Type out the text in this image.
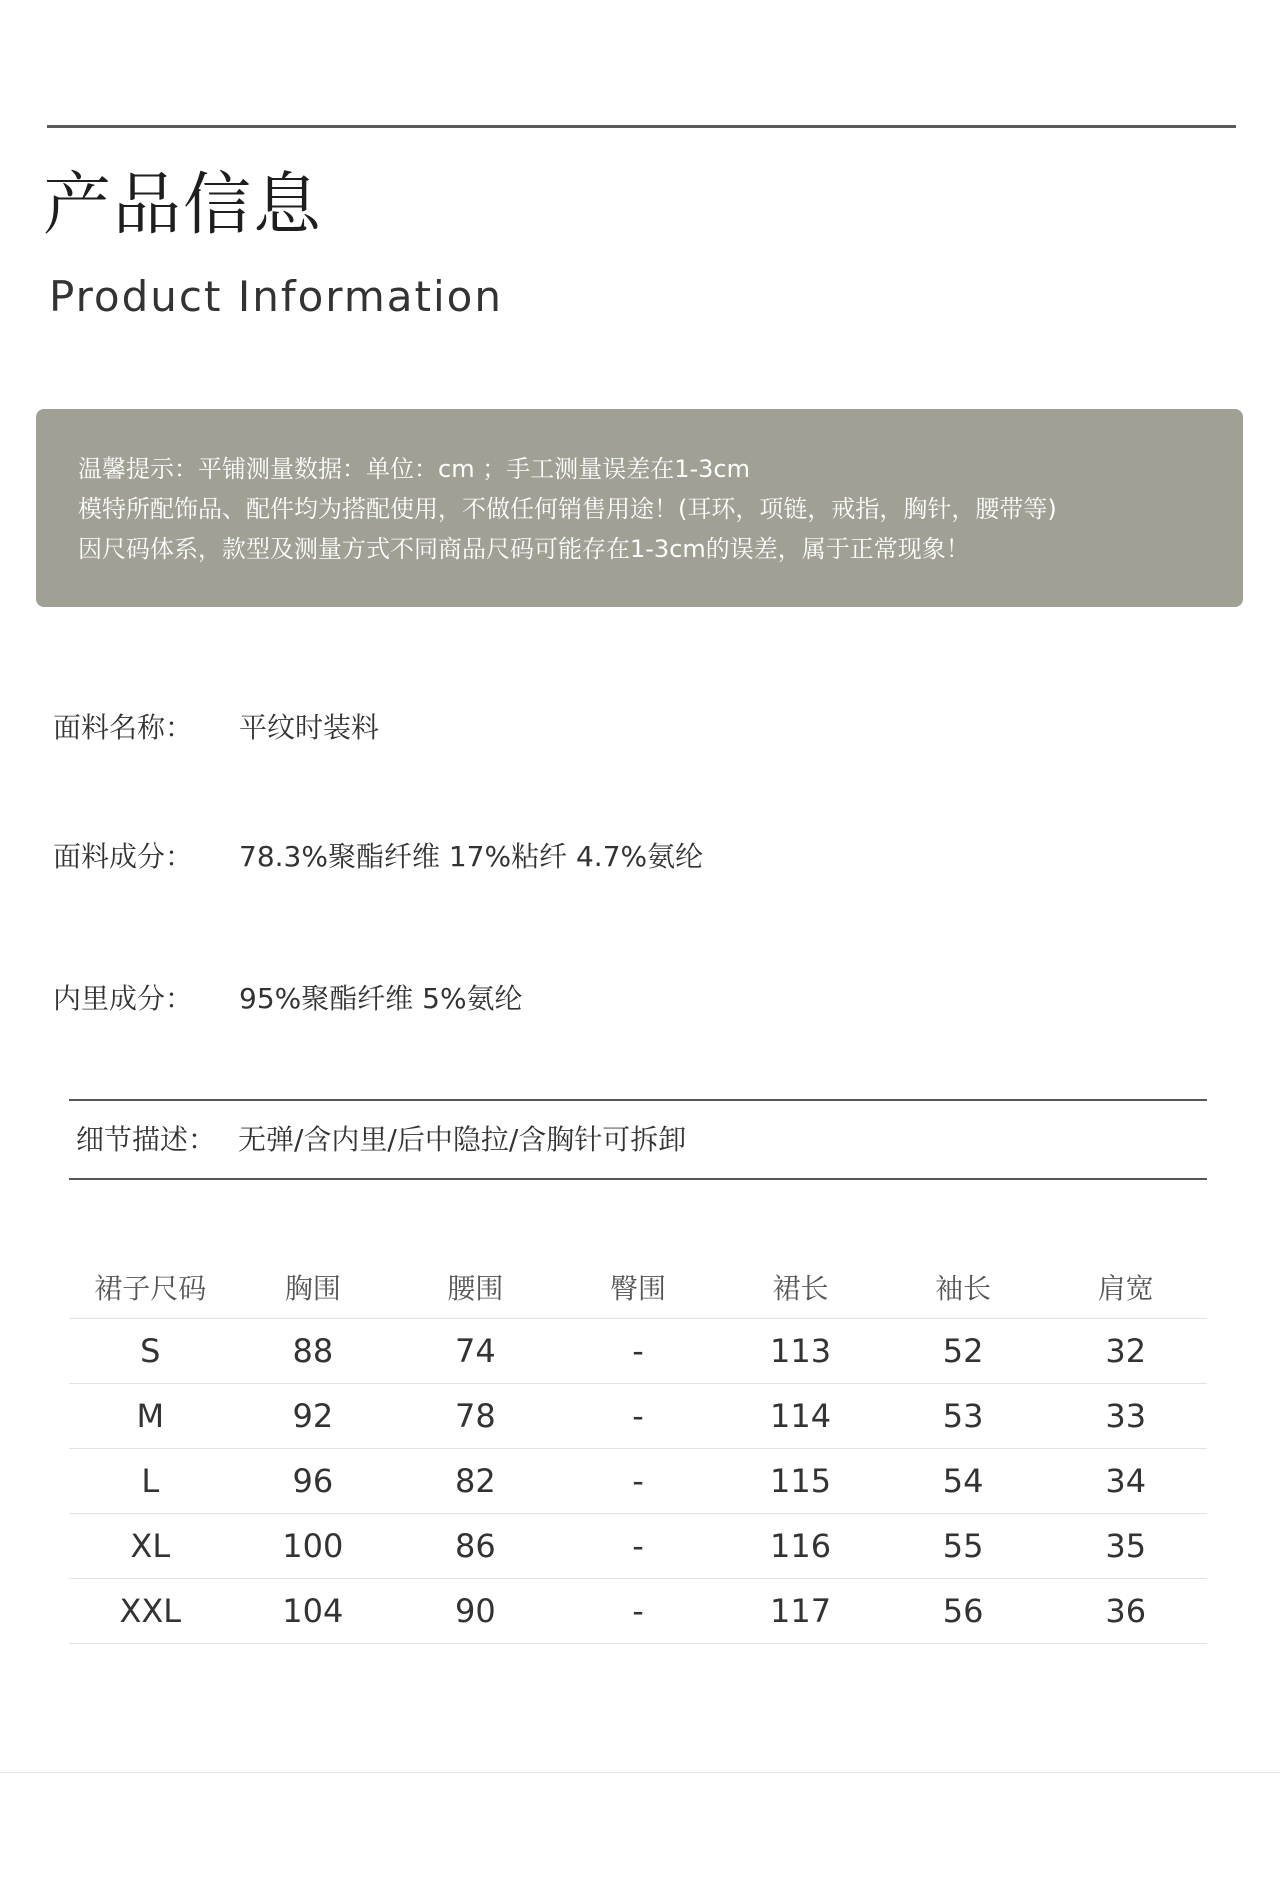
产品信息
Product Information

温馨提示：平铺测量数据：单位：cm ；手工测量误差在1-3cm

模特所配饰品、配件均为搭配使用，不做任何销售用途！(耳环，项链，戒指，胸针，腰带等)

因尺码体系，款型及测量方式不同商品尺码可能存在1-3cm的误差，属于正常现象！

面料名称： 平纹时装料
面料成分： 78.3%聚酯纤维 17%粘纤 4.7%氨纶
内里成分： 95%聚酯纤维 5%氨纶
细节描述： 无弹/含内里/后中隐拉/含胸针可拆卸
裙子尺码	胸围	腰围	臀围	裙长	袖长	肩宽
S	88	74	-	113	52	32
M	92	78	-	114	53	33
L	96	82	-	115	54	34
XL	100	86	-	116	55	35
XXL	104	90	-	117	56	36
